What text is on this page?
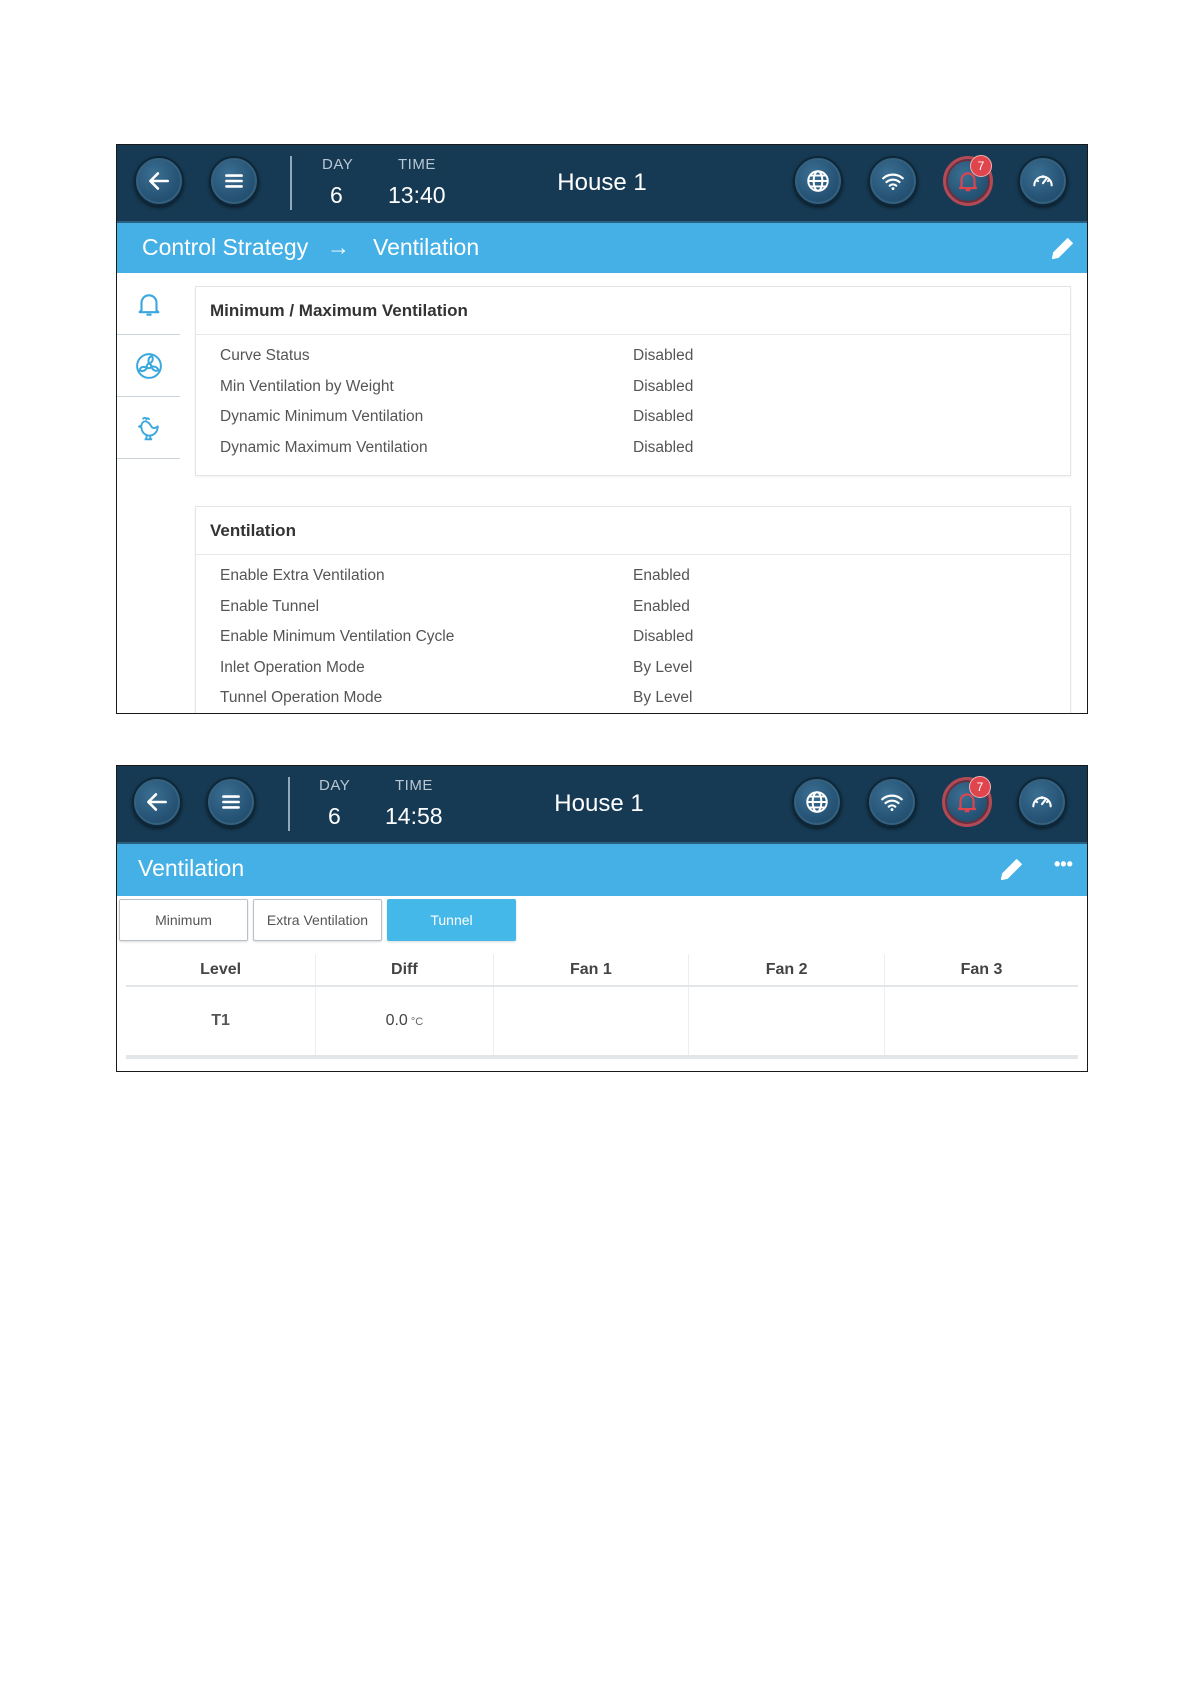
DAY
6
TIME
13:40	House 1
7
Control Strategy → Ventilation
Minimum / Maximum Ventilation
Curve Status	Disabled
Min Ventilation by Weight	Disabled
Dynamic Minimum Ventilation	Disabled
Dynamic Maximum Ventilation	Disabled
Ventilation
Enable Extra Ventilation	Enabled
Enable Tunnel	Enabled
Enable Minimum Ventilation Cycle	Disabled
Inlet Operation Mode	By Level
Tunnel Operation Mode	By Level
DAY
6
TIME
14:58	House 1
7
Ventilation	•••
Minimum	Extra Ventilation	Tunnel
Level	Diff	Fan 1	Fan 2	Fan 3
T1	0.0 °C			
